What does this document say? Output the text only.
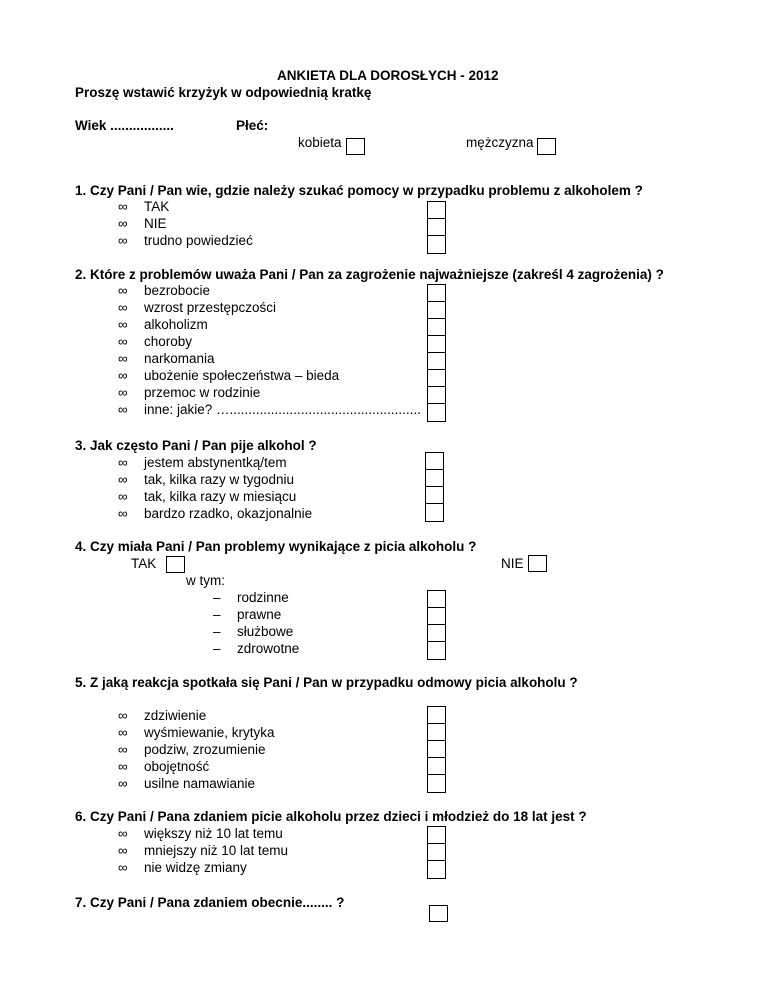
ANKIETA DLA DOROSŁYCH - 2012
Proszę wstawić krzyżyk w odpowiednią kratkę
Wiek .................	Płeć:
kobieta	mężczyzna
1. Czy Pani / Pan wie, gdzie należy szukać pomocy w przypadku problemu z alkoholem ?
∞ TAK
∞ NIE
∞ trudno powiedzieć
2. Które z problemów uważa Pani / Pan za zagrożenie najważniejsze (zakreśl 4 zagrożenia) ?
∞ bezrobocie
∞ wzrost przestępczości
∞ alkoholizm
∞ choroby
∞ narkomania
∞ ubożenie społeczeństwa – bieda
∞ przemoc w rodzinie
∞ inne: jakie? …...................................................
3. Jak często Pani / Pan pije alkohol ?
∞ jestem abstynentką/tem
∞ tak, kilka razy w tygodniu
∞ tak, kilka razy w miesiącu
∞ bardzo rzadko, okazjonalnie
4. Czy miała Pani / Pan problemy wynikające z picia alkoholu ?
TAK	NIE
w tym:
– rodzinne
– prawne
– służbowe
– zdrowotne
5. Z jaką reakcja spotkała się Pani / Pan w przypadku odmowy picia alkoholu ?
∞ zdziwienie
∞ wyśmiewanie, krytyka
∞ podziw, zrozumienie
∞ obojętność
∞ usilne namawianie
6. Czy Pani / Pana zdaniem picie alkoholu przez dzieci i młodzież do 18 lat jest ?
∞ większy niż 10 lat temu
∞ mniejszy niż 10 lat temu
∞ nie widzę zmiany
7. Czy Pani / Pana zdaniem obecnie........ ?
